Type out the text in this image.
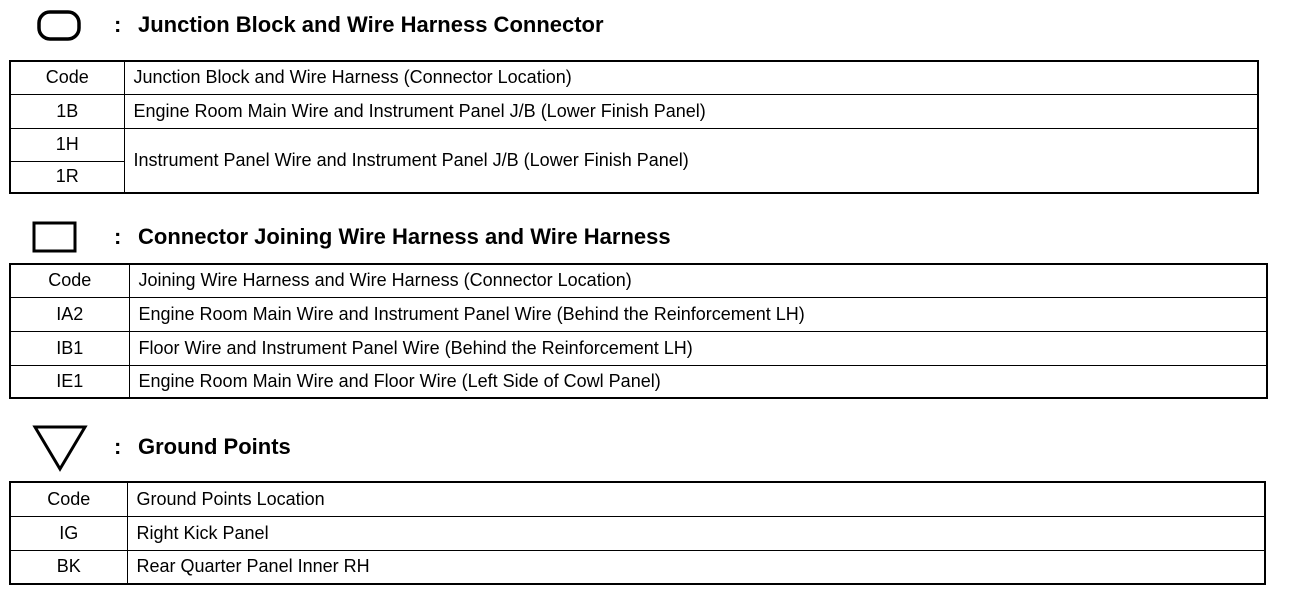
: Junction Block and Wire Harness Connector
Code	Junction Block and Wire Harness (Connector Location)
1B	Engine Room Main Wire and Instrument Panel J/B (Lower Finish Panel)
1H	Instrument Panel Wire and Instrument Panel J/B (Lower Finish Panel)
1R	
: Connector Joining Wire Harness and Wire Harness
Code	Joining Wire Harness and Wire Harness (Connector Location)
IA2	Engine Room Main Wire and Instrument Panel Wire (Behind the Reinforcement LH)
IB1	Floor Wire and Instrument Panel Wire (Behind the Reinforcement LH)
IE1	Engine Room Main Wire and Floor Wire (Left Side of Cowl Panel)
: Ground Points
Code	Ground Points Location
IG	Right Kick Panel
BK	Rear Quarter Panel Inner RH
